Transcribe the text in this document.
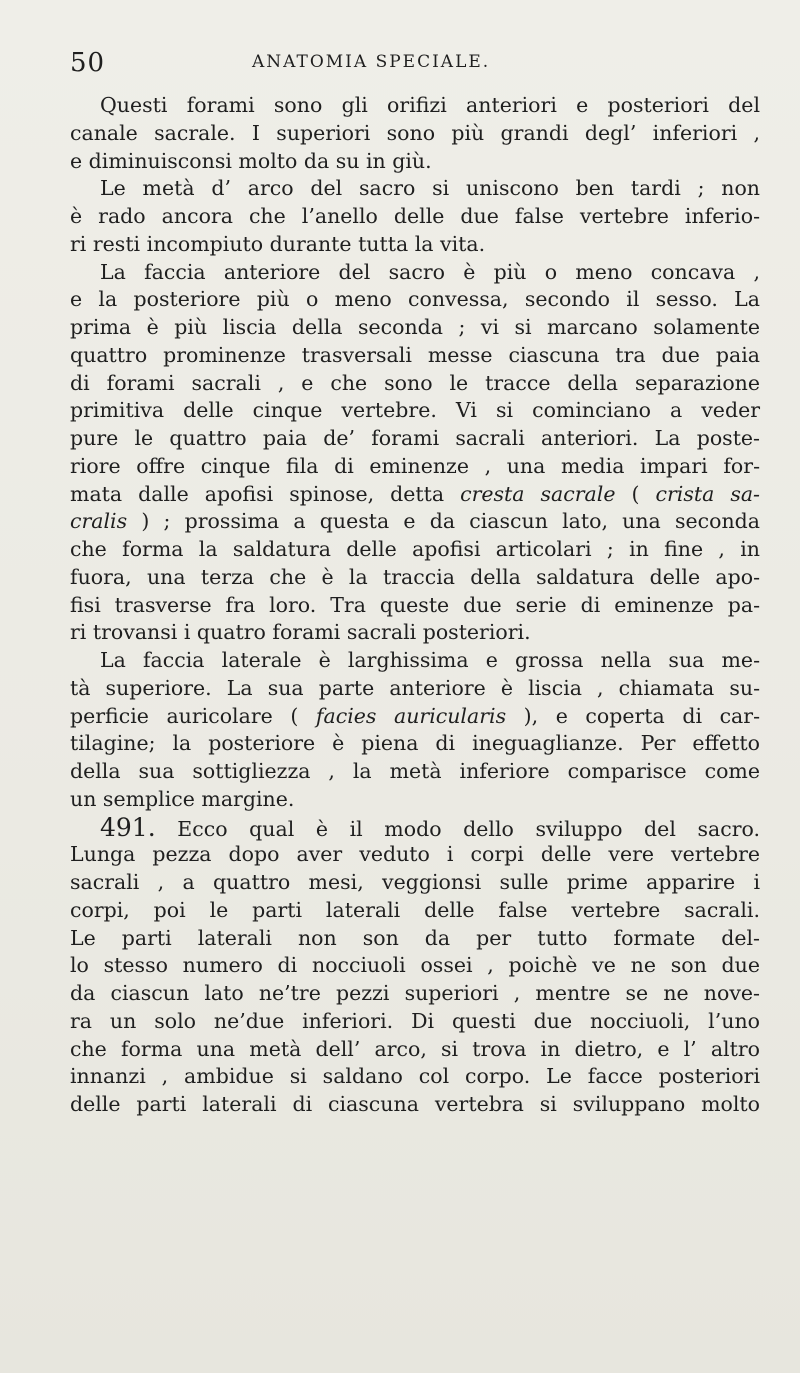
50	ANATOMIA SPECIALE.
Questi forami sono gli orifizi anteriori e posteriori del
canale sacrale. I superiori sono più grandi degl’ inferiori ,
e diminuisconsi molto da su in giù.
Le metà d’ arco del sacro si uniscono ben tardi ; non
è rado ancora che l’anello delle due false vertebre inferio-
ri resti incompiuto durante tutta la vita.
La faccia anteriore del sacro è più o meno concava ,
e la posteriore più o meno convessa, secondo il sesso. La
prima è più liscia della seconda ; vi si marcano solamente
quattro prominenze trasversali messe ciascuna tra due paia
di forami sacrali , e che sono le tracce della separazione
primitiva delle cinque vertebre. Vi si cominciano a veder
pure le quattro paia de’ forami sacrali anteriori. La poste-
riore offre cinque fila di eminenze , una media impari for-
mata dalle apofisi spinose, detta cresta sacrale ( crista sa-
cralis ) ; prossima a questa e da ciascun lato, una seconda
che forma la saldatura delle apofisi articolari ; in fine , in
fuora, una terza che è la traccia della saldatura delle apo-
fisi trasverse fra loro. Tra queste due serie di eminenze pa-
ri trovansi i quatro forami sacrali posteriori.
La faccia laterale è larghissima e grossa nella sua me-
tà superiore. La sua parte anteriore è liscia , chiamata su-
perficie auricolare ( facies auricularis ), e coperta di car-
tilagine; la posteriore è piena di ineguaglianze. Per effetto
della sua sottigliezza , la metà inferiore comparisce come
un semplice margine.
491. Ecco qual è il modo dello sviluppo del sacro.
Lunga pezza dopo aver veduto i corpi delle vere vertebre
sacrali , a quattro mesi, veggionsi sulle prime apparire i
corpi, poi le parti laterali delle false vertebre sacrali.
Le parti laterali non son da per tutto formate del-
lo stesso numero di nocciuoli ossei , poichè ve ne son due
da ciascun lato ne’tre pezzi superiori , mentre se ne nove-
ra un solo ne’due inferiori. Di questi due nocciuoli, l’uno
che forma una metà dell’ arco, si trova in dietro, e l’ altro
innanzi , ambidue si saldano col corpo. Le facce posteriori
delle parti laterali di ciascuna vertebra si sviluppano molto
